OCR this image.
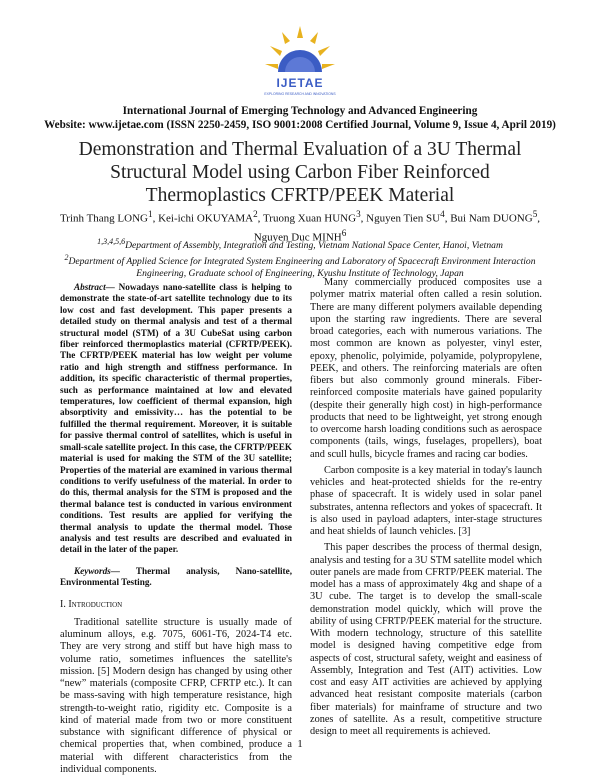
IJETAE
EXPLORING RESEARCH AND INNOVATIONS
International Journal of Emerging Technology and Advanced Engineering
Website: www.ijetae.com (ISSN 2250-2459, ISO 9001:2008 Certified Journal, Volume 9, Issue 4, April 2019)
Demonstration and Thermal Evaluation of a 3U Thermal
Structural Model using Carbon Fiber Reinforced
Thermoplastics CFRTP/PEEK Material
Trinh Thang LONG$^1$, Kei-ichi OKUYAMA$^2$, Truong Xuan HUNG$^3$, Nguyen Tien $SU^4$, Bui Nam DUONG$^5$,
Nguyen Duc MINH$^6$
$^{1,3,4,5,6}$Department of Assembly, Integration and Testing, Vietnam National Space Center, Hanoi, Vietnam
$^2$Department of Applied Science for Integrated System Engineering and Laboratory of Spacecraft Environment Interaction Engineering, Graduate school of Engineering, Kyushu Institute of Technology, Japan

Abstract— Nowadays nano-satellite class is helping to demonstrate the state-of-art satellite technology due to its low cost and fast development. This paper presents a detailed study on thermal analysis and test of a thermal structural model (STM) of a 3U CubeSat using carbon fiber reinforced thermoplastics material (CFRTP/PEEK). The CFRTP/PEEK material has low weight per volume ratio and high strength and stiffness performance. In addition, its specific characteristic of thermal properties, such as performance maintained at low and elevated temperatures, low coefficient of thermal expansion, high absorptivity and emissivity… has the potential to be fulfilled the thermal requirement. Moreover, it is suitable for passive thermal control of satellites, which is useful in small-scale satellite project. In this case, the CFRTP/PEEK material is used for making the STM of the 3U satellite; Properties of the material are examined in various thermal conditions to verify usefulness of the material. In order to do this, thermal analysis for the STM is proposed and the thermal balance test is conducted in various environment conditions. Test results are applied for verifying the thermal analysis to update the thermal model. Those analysis and test results are described and evaluated in detail in the later of the paper.

Keywords— Thermal analysis, Nano-satellite, Environmental Testing.

I. Introduction

Traditional satellite structure is usually made of aluminum alloys, e.g. 7075, 6061-T6, 2024-T4 etc. They are very strong and stiff but have high mass to volume ratio, sometimes influences the satellite's mission. [5] Modern design has changed by using other “new” materials (composite CFRP, CFRTP etc.). It can be mass-saving with high temperature resistance, high strength-to-weight ratio, rigidity etc. Composite is a kind of material made from two or more constituent substance with significant difference of physical or chemical properties that, when combined, produce a material with different characteristics from the individual components.

Many commercially produced composites use a polymer matrix material often called a resin solution. There are many different polymers available depending upon the starting raw ingredients. There are several broad categories, each with numerous variations. The most common are known as polyester, vinyl ester, epoxy, phenolic, polyimide, polyamide, polypropylene, PEEK, and others. The reinforcing materials are often fibers but also commonly ground minerals. Fiber-reinforced composite materials have gained popularity (despite their generally high cost) in high-performance products that need to be lightweight, yet strong enough to overcome harsh loading conditions such as aerospace components (tails, wings, fuselages, propellers), boat and scull hulls, bicycle frames and racing car bodies.

Carbon composite is a key material in today's launch vehicles and heat-protected shields for the re-entry phase of spacecraft. It is widely used in solar panel substrates, antenna reflectors and yokes of spacecraft. It is also used in payload adapters, inter-stage structures and heat shields of launch vehicles. [3]

This paper describes the process of thermal design, analysis and testing for a 3U STM satellite model which outer panels are made from CFRTP/PEEK material. The model has a mass of approximately 4kg and shape of a 3U cube. The target is to develop the small-scale demonstration model quickly, which will prove the ability of using CFRTP/PEEK material for the structure. With modern technology, structure of this satellite model is designed having competitive edge from aspects of cost, structural safety, weight and easiness of Assembly, Integration and Test (AIT) activities. Low cost and easy AIT activities are achieved by applying advanced heat resistant composite materials (carbon fiber materials) for mainframe of structure and two zones of satellite. As a result, competitive structure design to meet all requirements is achieved.

1
